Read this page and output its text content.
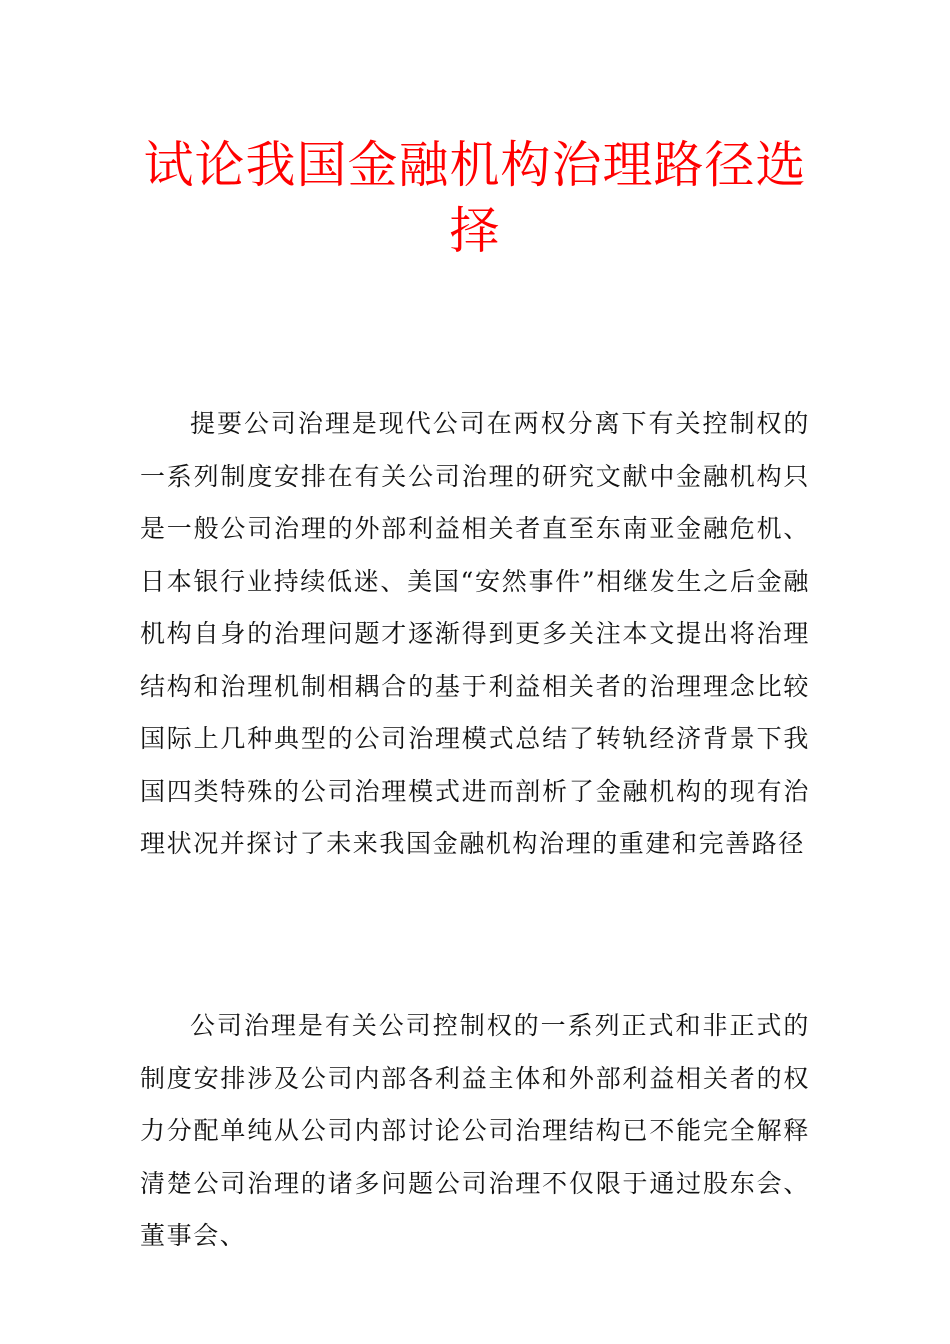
试论我国金融机构治理路径选择

提要公司治理是现代公司在两权分离下有关控制权的一系列制度安排在有关公司治理的研究文献中金融机构只是一般公司治理的外部利益相关者直至东南亚金融危机、日本银行业持续低迷、美国“安然事件”相继发生之后金融机构自身的治理问题才逐渐得到更多关注本文提出将治理结构和治理机制相耦合的基于利益相关者的治理理念比较国际上几种典型的公司治理模式总结了转轨经济背景下我国四类特殊的公司治理模式进而剖析了金融机构的现有治理状况并探讨了未来我国金融机构治理的重建和完善路径

公司治理是有关公司控制权的一系列正式和非正式的制度安排涉及公司内部各利益主体和外部利益相关者的权力分配单纯从公司内部讨论公司治理结构已不能完全解释清楚公司治理的诸多问题公司治理不仅限于通过股东会、董事会、
